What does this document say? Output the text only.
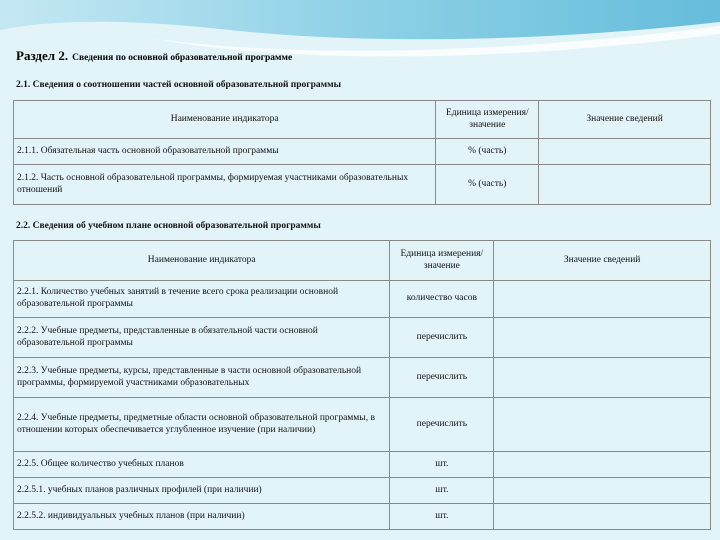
Раздел 2. Сведения по основной образовательной программе
2.1. Сведения о соотношении частей основной образовательной программы
Наименование индикатора	Единица измерения/значение	Значение сведений
2.1.1. Обязательная часть основной образовательной программы	% (часть)	
2.1.2. Часть основной образовательной программы, формируемая участниками образовательных отношений	% (часть)	
2.2. Сведения об учебном плане основной образовательной программы
Наименование индикатора	Единица измерения/значение	Значение сведений
2.2.1. Количество учебных занятий в течение всего срока реализации основной образовательной программы	количество часов	
2.2.2. Учебные предметы, представленные в обязательной части основной образовательной программы	перечислить	
2.2.3. Учебные предметы, курсы, представленные в части основной образовательной программы, формируемой участниками образовательных	перечислить	
2.2.4. Учебные предметы, предметные области основной образовательной программы, в отношении которых обеспечивается углубленное изучение (при наличии)	перечислить	
2.2.5. Общее количество учебных планов	шт.	
2.2.5.1. учебных планов различных профилей (при наличии)	шт.	
2.2.5.2. индивидуальных учебных планов (при наличии)	шт.	
